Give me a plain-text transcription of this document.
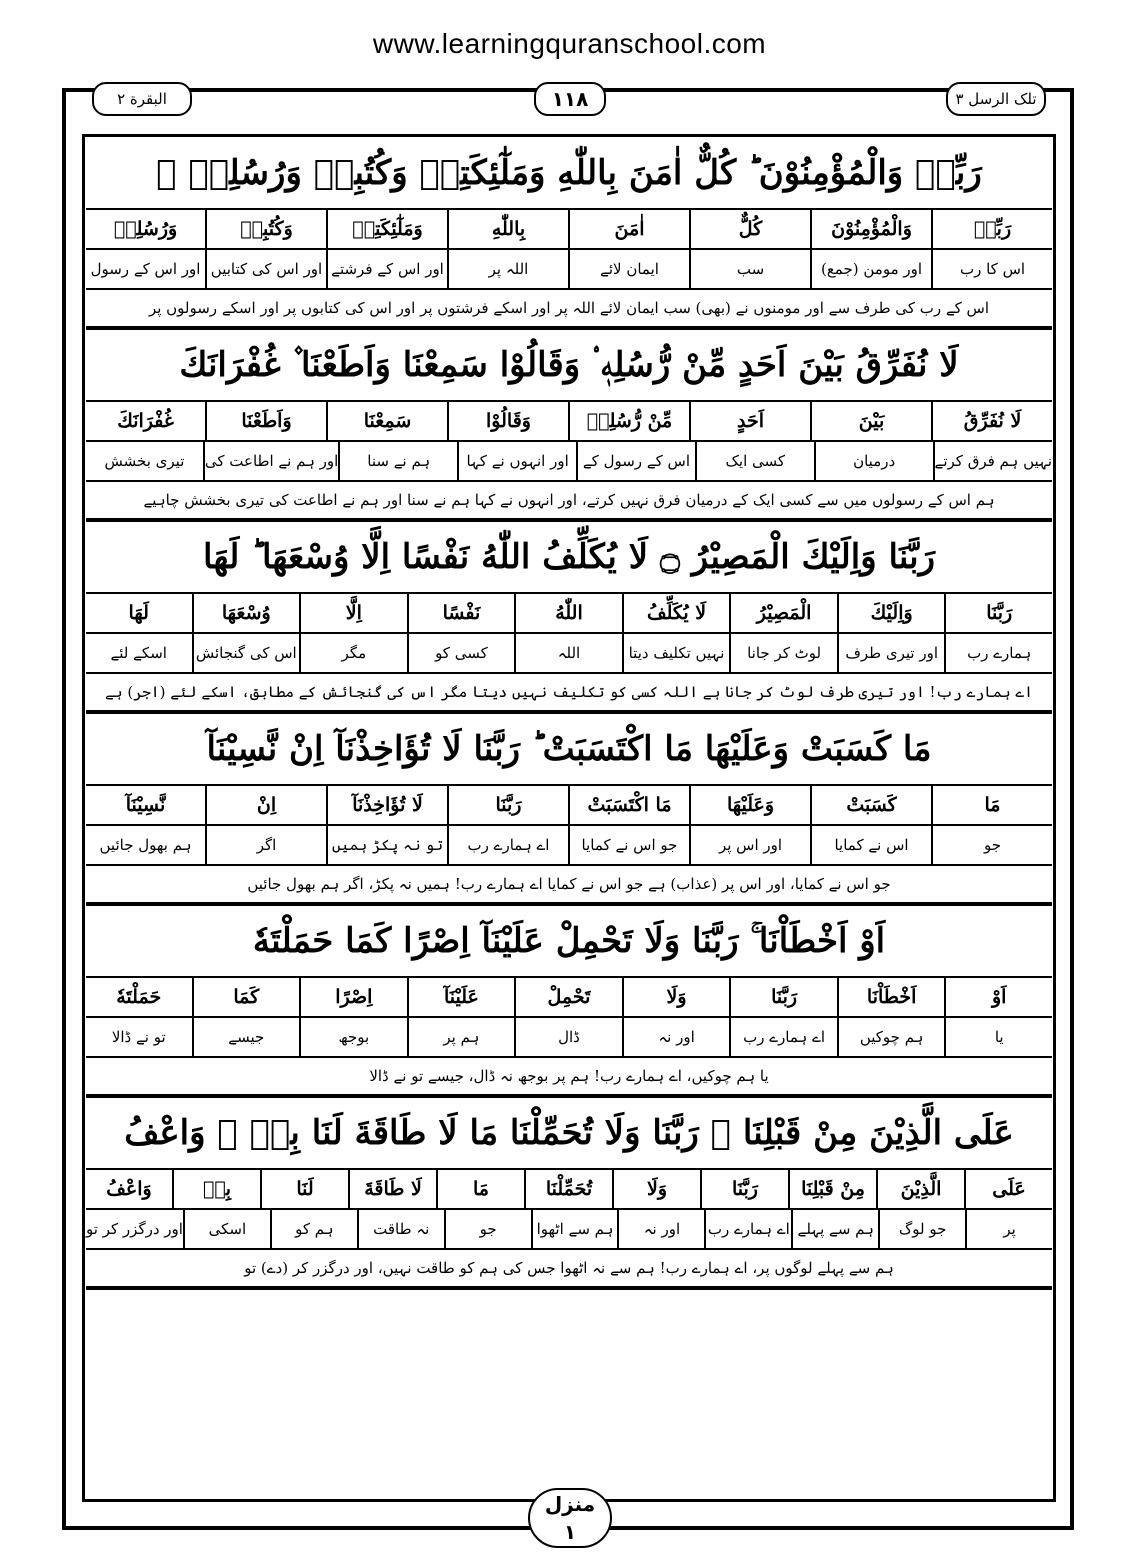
www.learningquranschool.com
البقرة ۲	۱۱۸	تلک الرسل ۳
رَبِّهٖ وَالْمُؤْمِنُوْنَ ؕ كُلٌّ اٰمَنَ بِاللّٰهِ وَمَلٰٓئِكَتِهٖ وَكُتُبِهٖ وَرُسُلِهٖ ۟
رَبِّهٖ
وَالْمُؤْمِنُوْنَ
كُلٌّ
اٰمَنَ
بِاللّٰهِ
وَمَلٰٓئِكَتِهٖ
وَكُتُبِهٖ
وَرُسُلِهٖ
اس کا رب
اور مومن (جمع)
سب
ایمان لائے
اللہ پر
اور اس کے فرشتے
اور اس کی کتابیں
اور اس کے رسول
اس کے رب کی طرف سے اور مومنوں نے (بھی) سب ایمان لائے اللہ پر اور اسکے فرشتوں پر اور اس کی کتابوں پر اور اسکے رسولوں پر
لَا نُفَرِّقُ بَيْنَ اَحَدٍ مِّنْ رُّسُلِهٖ ۟ وَقَالُوْا سَمِعْنَا وَاَطَعْنَا ۫ غُفْرَانَكَ
لَا نُفَرِّقُ
بَيْنَ
اَحَدٍ
مِّنْ رُّسُلِهٖ
وَقَالُوْا
سَمِعْنَا
وَاَطَعْنَا
غُفْرَانَكَ
نہیں ہم فرق کرتے
درمیان
کسی ایک
اس کے رسول کے
اور انہوں نے کہا
ہم نے سنا
اور ہم نے اطاعت کی
تیری بخشش
ہم اس کے رسولوں میں سے کسی ایک کے درمیان فرق نہیں کرتے، اور انہوں نے کہا ہم نے سنا اور ہم نے اطاعت کی تیری بخشش چاہیے
رَبَّنَا وَاِلَيْكَ الْمَصِيْرُ ۝ لَا يُكَلِّفُ اللّٰهُ نَفْسًا اِلَّا وُسْعَهَا ؕ لَهَا
رَبَّنَا
وَاِلَيْكَ
الْمَصِيْرُ
لَا يُكَلِّفُ
اللّٰهُ
نَفْسًا
اِلَّا
وُسْعَهَا
لَهَا
ہمارے رب
اور تیری طرف
لوٹ کر جانا
نہیں تکلیف دیتا
اللہ
کسی کو
مگر
اس کی گنجائش
اسکے لئے
اے ہمارے رب! اور تیری طرف لوٹ کر جانا ہے اللہ کسی کو تکلیف نہیں دیتا مگر اس کی گنجائش کے مطابق، اسکے لئے (اجر) ہے
مَا كَسَبَتْ وَعَلَيْهَا مَا اكْتَسَبَتْ ؕ رَبَّنَا لَا تُؤَاخِذْنَآ اِنْ نَّسِيْنَآ
مَا
كَسَبَتْ
وَعَلَيْهَا
مَا اكْتَسَبَتْ
رَبَّنَا
لَا تُؤَاخِذْنَآ
اِنْ
نَّسِيْنَآ
جو
اس نے کمایا
اور اس پر
جو اس نے کمایا
اے ہمارے رب
تو نہ پکڑ ہمیں
اگر
ہم بھول جائیں
جو اس نے کمایا، اور اس پر (عذاب) ہے جو اس نے کمایا اے ہمارے رب! ہمیں نہ پکڑ، اگر ہم بھول جائیں
اَوْ اَخْطَاْنَا ۚ رَبَّنَا وَلَا تَحْمِلْ عَلَيْنَآ اِصْرًا كَمَا حَمَلْتَهٗ
اَوْ
اَخْطَاْنَا
رَبَّنَا
وَلَا
تَحْمِلْ
عَلَيْنَآ
اِصْرًا
كَمَا
حَمَلْتَهٗ
یا
ہم چوکیں
اے ہمارے رب
اور نہ
ڈال
ہم پر
بوجھ
جیسے
تو نے ڈالا
یا ہم چوکیں، اے ہمارے رب! ہم پر بوجھ نہ ڈال، جیسے تو نے ڈالا
عَلَى الَّذِيْنَ مِنْ قَبْلِنَا ۚ رَبَّنَا وَلَا تُحَمِّلْنَا مَا لَا طَاقَةَ لَنَا بِهٖ ۚ وَاعْفُ
عَلَى
الَّذِيْنَ
مِنْ قَبْلِنَا
رَبَّنَا
وَلَا
تُحَمِّلْنَا
مَا
لَا طَاقَةَ
لَنَا
بِهٖ
وَاعْفُ
پر
جو لوگ
ہم سے پہلے
اے ہمارے رب
اور نہ
ہم سے اٹھوا
جو
نہ طاقت
ہم کو
اسکی
اور درگزر کر تو
ہم سے پہلے لوگوں پر، اے ہمارے رب! ہم سے نہ اٹھوا جس کی ہم کو طاقت نہیں، اور درگزر کر (دے) تو
منزل
۱
